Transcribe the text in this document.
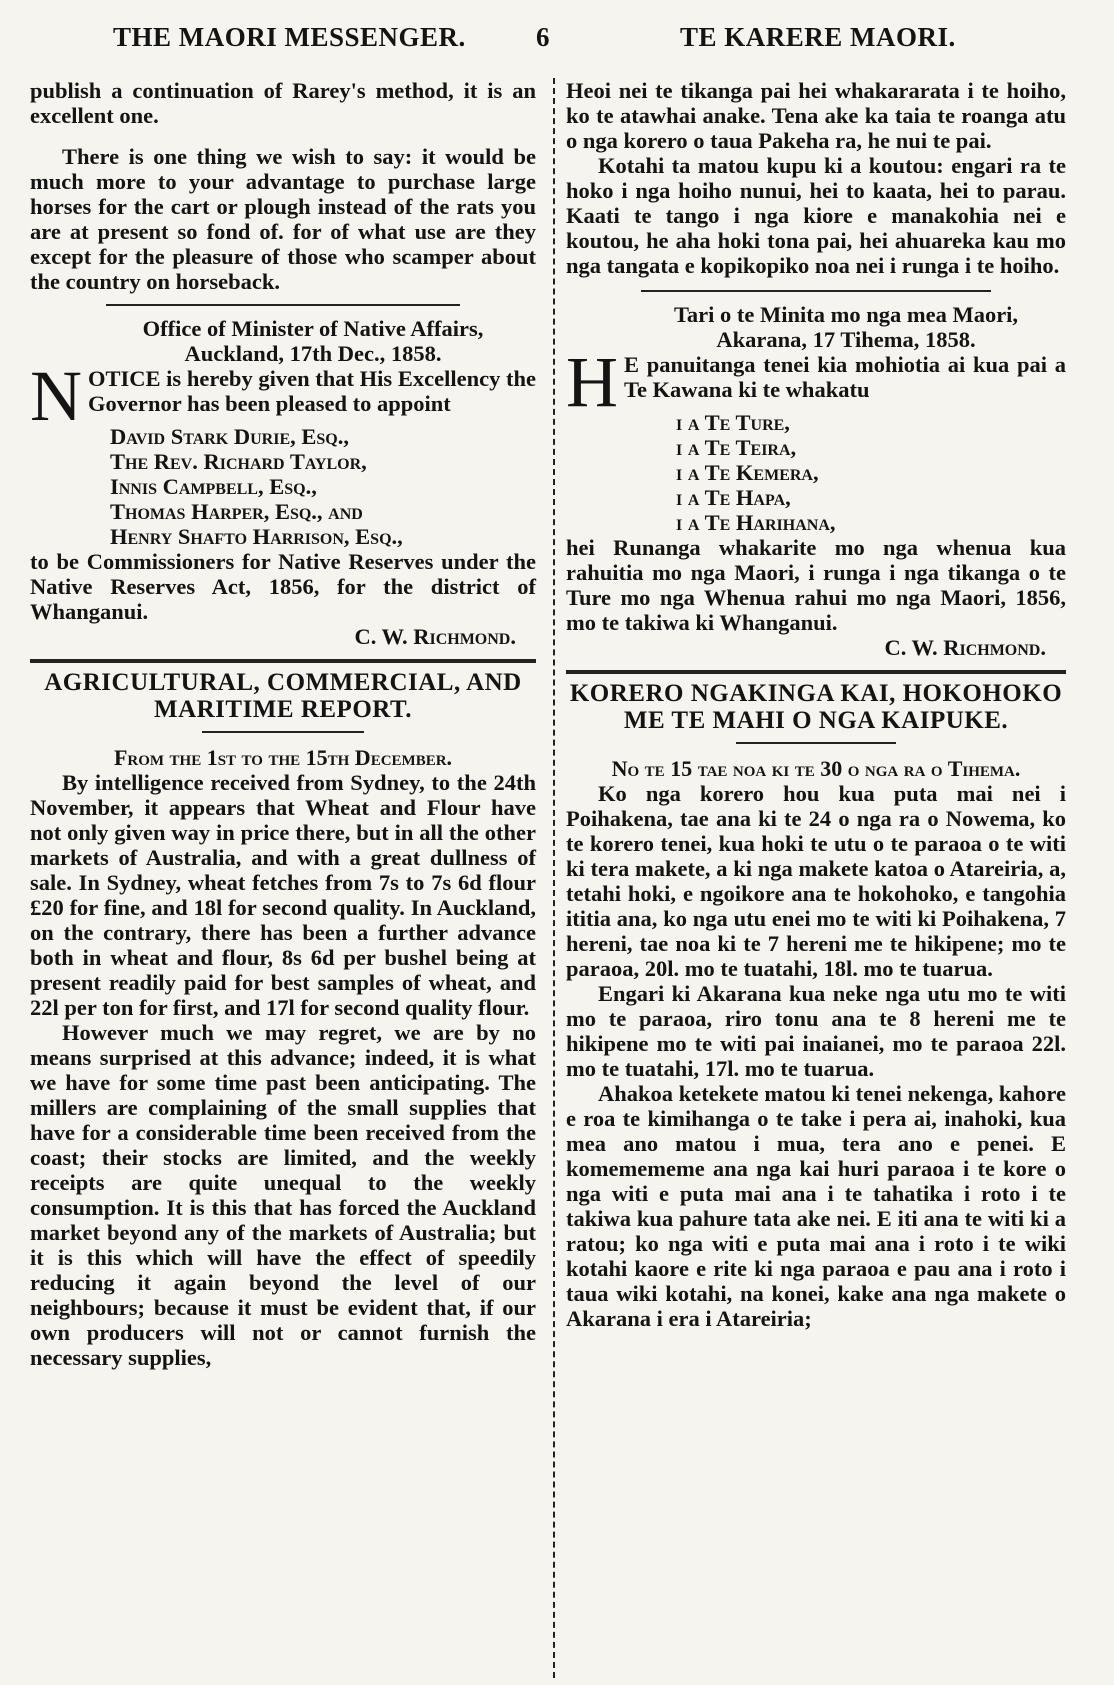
THE MAORI MESSENGER.	6	TE KARERE MAORI.

publish a continuation of Rarey's method, it is an excellent one.

There is one thing we wish to say: it would be much more to your advantage to purchase large horses for the cart or plough instead of the rats you are at present so fond of. for of what use are they except for the pleasure of those who scamper about the country on horseback.

Office of Minister of Native Affairs,
Auckland, 17th Dec., 1858.
N OTICE is hereby given that His Excellency the Governor has been pleased to appoint

David Stark Durie, Esq.,
The Rev. Richard Taylor,
Innis Campbell, Esq.,
Thomas Harper, Esq., and
Henry Shafto Harrison, Esq.,

to be Commissioners for Native Reserves under the Native Reserves Act, 1856, for the district of Whanganui.

C. W. Richmond.
AGRICULTURAL, COMMERCIAL, AND
MARITIME REPORT.
From the 1st to the 15th December.

By intelligence received from Sydney, to the 24th November, it appears that Wheat and Flour have not only given way in price there, but in all the other markets of Australia, and with a great dullness of sale. In Sydney, wheat fetches from 7s to 7s 6d flour £20 for fine, and 18l for second quality. In Auckland, on the contrary, there has been a further advance both in wheat and flour, 8s 6d per bushel being at present readily paid for best samples of wheat, and 22l per ton for first, and 17l for second quality flour.

However much we may regret, we are by no means surprised at this advance; indeed, it is what we have for some time past been anticipating. The millers are complaining of the small supplies that have for a considerable time been received from the coast; their stocks are limited, and the weekly receipts are quite unequal to the weekly consumption. It is this that has forced the Auckland market beyond any of the markets of Australia; but it is this which will have the effect of speedily reducing it again beyond the level of our neighbours; because it must be evident that, if our own producers will not or cannot furnish the necessary supplies,

Heoi nei te tikanga pai hei whakararata i te hoiho, ko te atawhai anake. Tena ake ka taia te roanga atu o nga korero o taua Pakeha ra, he nui te pai.

Kotahi ta matou kupu ki a koutou: engari ra te hoko i nga hoiho nunui, hei to kaata, hei to parau. Kaati te tango i nga kiore e manakohia nei e koutou, he aha hoki tona pai, hei ahuareka kau mo nga tangata e kopikopiko noa nei i runga i te hoiho.

Tari o te Minita mo nga mea Maori,
Akarana, 17 Tihema, 1858.
H E panuitanga tenei kia mohiotia ai kua pai a Te Kawana ki te whakatu

i a Te Ture,
i a Te Teira,
i a Te Kemera,
i a Te Hapa,
i a Te Harihana,

hei Runanga whakarite mo nga whenua kua rahuitia mo nga Maori, i runga i nga tikanga o te Ture mo nga Whenua rahui mo nga Maori, 1856, mo te takiwa ki Whanganui.

C. W. Richmond.
KORERO NGAKINGA KAI, HOKOHOKO
ME TE MAHI O NGA KAIPUKE.
No te 15 tae noa ki te 30 o nga ra o Tihema.

Ko nga korero hou kua puta mai nei i Poihakena, tae ana ki te 24 o nga ra o Nowema, ko te korero tenei, kua hoki te utu o te paraoa o te witi ki tera makete, a ki nga makete katoa o Atareiria, a, tetahi hoki, e ngoikore ana te hokohoko, e tangohia ititia ana, ko nga utu enei mo te witi ki Poihakena, 7 hereni, tae noa ki te 7 hereni me te hikipene; mo te paraoa, 20l. mo te tuatahi, 18l. mo te tuarua.

Engari ki Akarana kua neke nga utu mo te witi mo te paraoa, riro tonu ana te 8 hereni me te hikipene mo te witi pai inaianei, mo te paraoa 22l. mo te tuatahi, 17l. mo te tuarua.

Ahakoa ketekete matou ki tenei nekenga, kahore e roa te kimihanga o te take i pera ai, inahoki, kua mea ano matou i mua, tera ano e penei. E komemememe ana nga kai huri paraoa i te kore o nga witi e puta mai ana i te tahatika i roto i te takiwa kua pahure tata ake nei. E iti ana te witi ki a ratou; ko nga witi e puta mai ana i roto i te wiki kotahi kaore e rite ki nga paraoa e pau ana i roto i taua wiki kotahi, na konei, kake ana nga makete o Akarana i era i Atareiria;
